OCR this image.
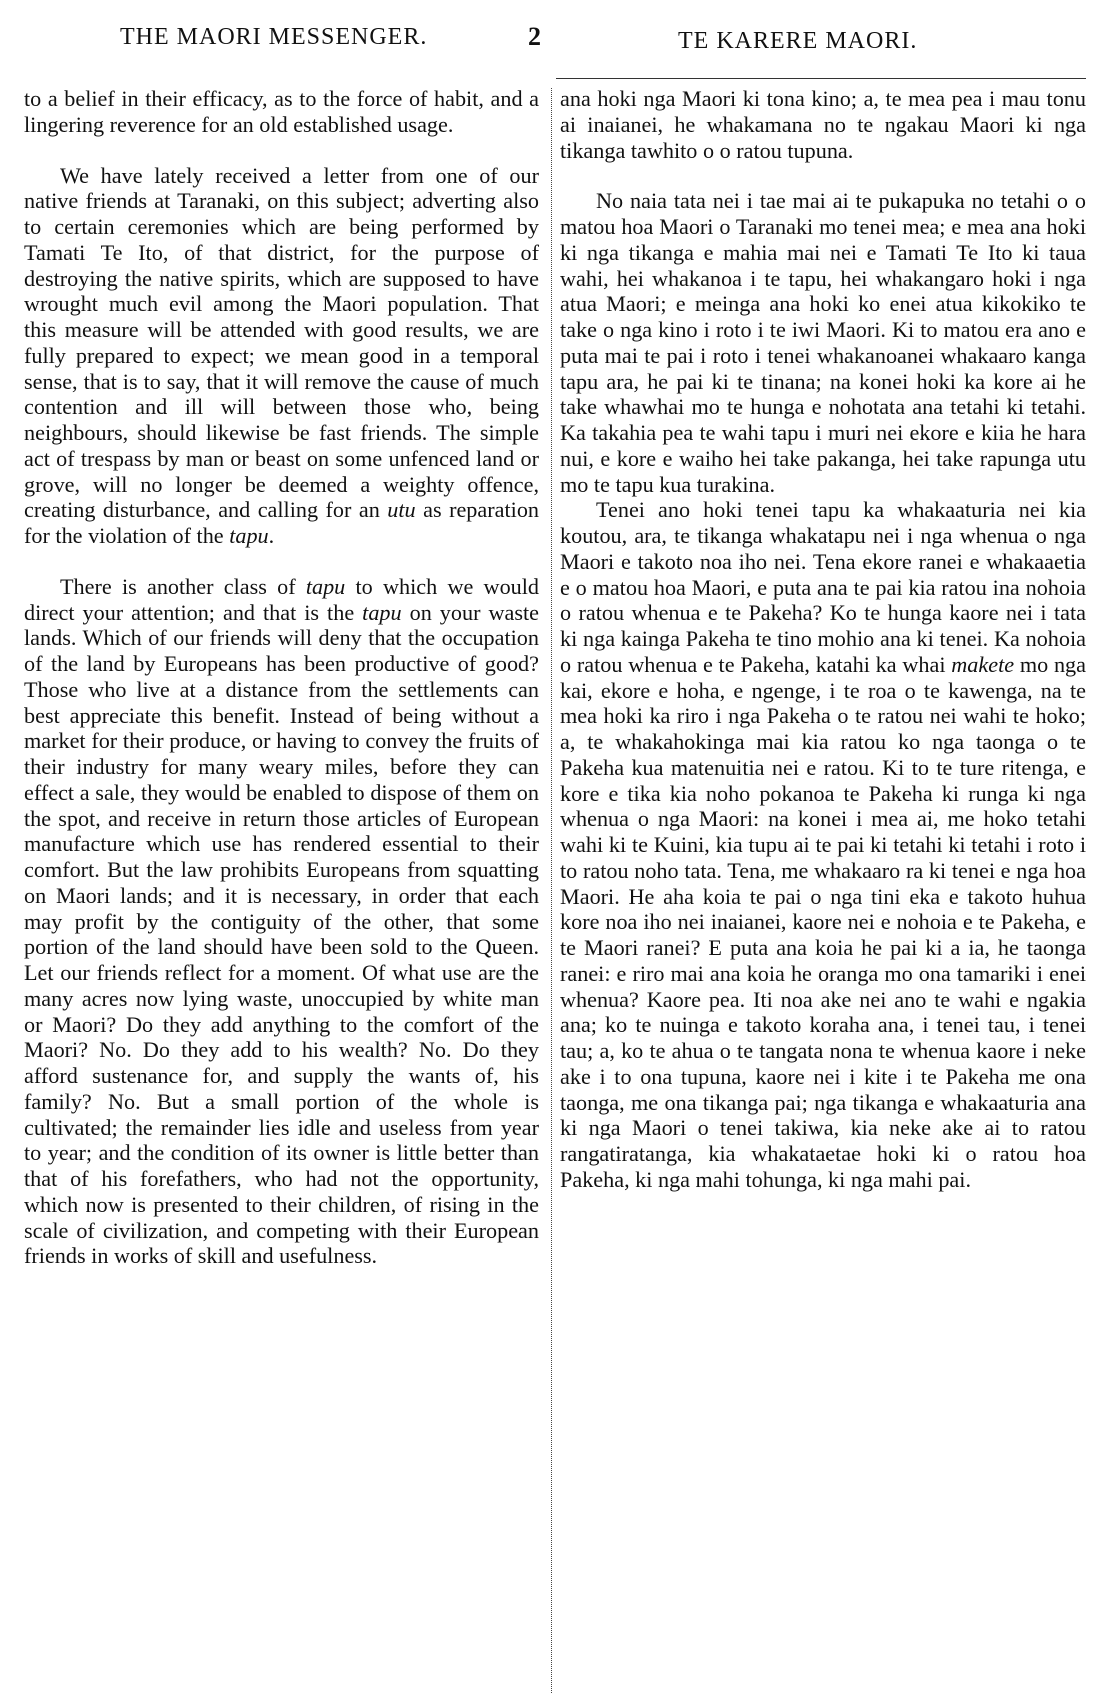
THE MAORI MESSENGER.	2	TE KARERE MAORI.

to a belief in their efficacy, as to the force of habit, and a lingering reverence for an old established usage.

We have lately received a letter from one of our native friends at Taranaki, on this subject; adverting also to certain ceremonies which are being performed by Tamati Te Ito, of that district, for the purpose of destroying the native spirits, which are supposed to have wrought much evil among the Maori population. That this measure will be attended with good results, we are fully prepared to expect; we mean good in a temporal sense, that is to say, that it will remove the cause of much contention and ill will between those who, being neighbours, should likewise be fast friends. The simple act of trespass by man or beast on some unfenced land or grove, will no longer be deemed a weighty offence, creating disturbance, and calling for an utu as reparation for the violation of the tapu.

There is another class of tapu to which we would direct your attention; and that is the tapu on your waste lands. Which of our friends will deny that the occupation of the land by Europeans has been productive of good? Those who live at a distance from the settlements can best appreciate this benefit. Instead of being without a market for their produce, or having to convey the fruits of their industry for many weary miles, before they can effect a sale, they would be enabled to dispose of them on the spot, and receive in return those articles of European manufacture which use has rendered essential to their comfort. But the law prohibits Europeans from squatting on Maori lands; and it is necessary, in order that each may profit by the contiguity of the other, that some portion of the land should have been sold to the Queen. Let our friends reflect for a moment. Of what use are the many acres now lying waste, unoccupied by white man or Maori? Do they add anything to the comfort of the Maori? No. Do they add to his wealth? No. Do they afford sustenance for, and supply the wants of, his family? No. But a small portion of the whole is cultivated; the remainder lies idle and useless from year to year; and the condition of its owner is little better than that of his forefathers, who had not the opportunity, which now is presented to their children, of rising in the scale of civilization, and competing with their European friends in works of skill and usefulness.

ana hoki nga Maori ki tona kino; a, te mea pea i mau tonu ai inaianei, he whakamana no te ngakau Maori ki nga tikanga tawhito o o ratou tupuna.

No naia tata nei i tae mai ai te pukapuka no tetahi o o matou hoa Maori o Taranaki mo tenei mea; e mea ana hoki ki nga tikanga e mahia mai nei e Tamati Te Ito ki taua wahi, hei whakanoa i te tapu, hei whakangaro hoki i nga atua Maori; e meinga ana hoki ko enei atua kikokiko te take o nga kino i roto i te iwi Maori. Ki to matou era ano e puta mai te pai i roto i tenei whakanoanei whakaaro kanga tapu ara, he pai ki te tinana; na konei hoki ka kore ai he take whawhai mo te hunga e nohotata ana tetahi ki tetahi. Ka takahia pea te wahi tapu i muri nei ekore e kiia he hara nui, e kore e waiho hei take pakanga, hei take rapunga utu mo te tapu kua turakina.

Tenei ano hoki tenei tapu ka whakaaturia nei kia koutou, ara, te tikanga whakatapu nei i nga whenua o nga Maori e takoto noa iho nei. Tena ekore ranei e whakaaetia e o matou hoa Maori, e puta ana te pai kia ratou ina nohoia o ratou whenua e te Pakeha? Ko te hunga kaore nei i tata ki nga kainga Pakeha te tino mohio ana ki tenei. Ka nohoia o ratou whenua e te Pakeha, katahi ka whai makete mo nga kai, ekore e hoha, e ngenge, i te roa o te kawenga, na te mea hoki ka riro i nga Pakeha o te ratou nei wahi te hoko; a, te whakahokinga mai kia ratou ko nga taonga o te Pakeha kua matenuitia nei e ratou. Ki to te ture ritenga, e kore e tika kia noho pokanoa te Pakeha ki runga ki nga whenua o nga Maori: na konei i mea ai, me hoko tetahi wahi ki te Kuini, kia tupu ai te pai ki tetahi ki tetahi i roto i to ratou noho tata. Tena, me whakaaro ra ki tenei e nga hoa Maori. He aha koia te pai o nga tini eka e takoto huhua kore noa iho nei inaianei, kaore nei e nohoia e te Pakeha, e te Maori ranei? E puta ana koia he pai ki a ia, he taonga ranei: e riro mai ana koia he oranga mo ona tamariki i enei whenua? Kaore pea. Iti noa ake nei ano te wahi e ngakia ana; ko te nuinga e takoto koraha ana, i tenei tau, i tenei tau; a, ko te ahua o te tangata nona te whenua kaore i neke ake i to ona tupuna, kaore nei i kite i te Pakeha me ona taonga, me ona tikanga pai; nga tikanga e whakaaturia ana ki nga Maori o tenei takiwa, kia neke ake ai to ratou rangatiratanga, kia whakataetae hoki ki o ratou hoa Pakeha, ki nga mahi tohunga, ki nga mahi pai.
